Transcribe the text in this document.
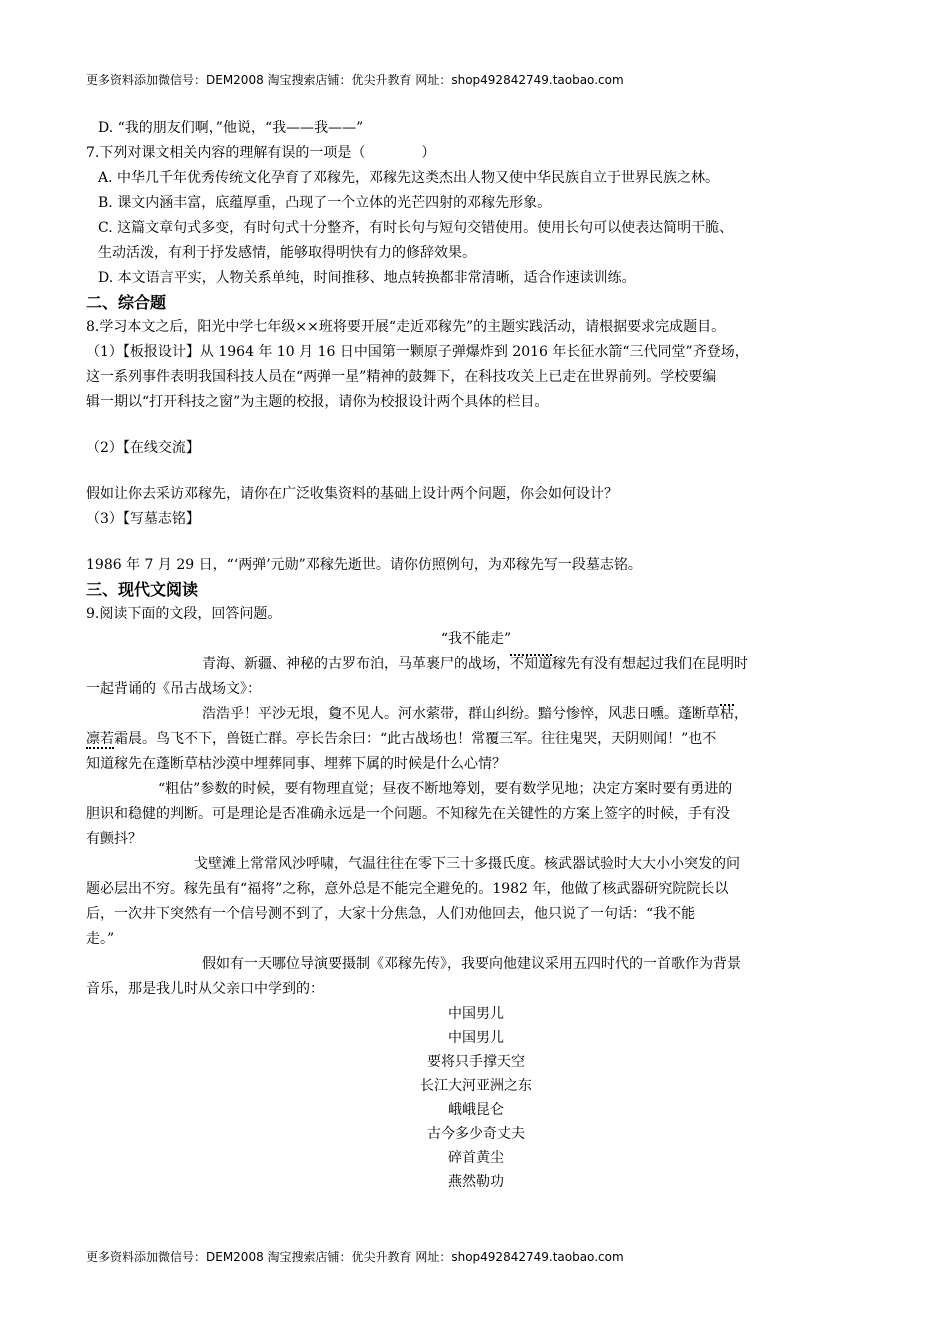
更多资料添加微信号：DEM2008 淘宝搜索店铺：优尖升教育 网址：shop492842749.taobao.com

D. “我的朋友们啊，”他说，“我——我——”

7.下列对课文相关内容的理解有误的一项是（　　　　）

A. 中华几千年优秀传统文化孕育了邓稼先，邓稼先这类杰出人物又使中华民族自立于世界民族之林。

B. 课文内涵丰富，底蕴厚重，凸现了一个立体的光芒四射的邓稼先形象。

C. 这篇文章句式多变，有时句式十分整齐，有时长句与短句交错使用。使用长句可以使表达简明干脆、

生动活泼，有利于抒发感情，能够取得明快有力的修辞效果。

D. 本文语言平实，人物关系单纯，时间推移、地点转换都非常清晰，适合作速读训练。

二、综合题

8.学习本文之后，阳光中学七年级××班将要开展“走近邓稼先”的主题实践活动，请根据要求完成题目。

（1）【板报设计】从 1964 年 10 月 16 日中国第一颗原子弹爆炸到 2016 年长征水箭“三代同堂”齐登场，

这一系列事件表明我国科技人员在“两弹一星”精神的鼓舞下，在科技攻关上已走在世界前列。学校要编

辑一期以“打开科技之窗”为主题的校报，请你为校报设计两个具体的栏目。

（2）【在线交流】

假如让你去采访邓稼先，请你在广泛收集资料的基础上设计两个问题，你会如何设计？

（3）【写墓志铭】

1986 年 7 月 29 日，“‘两弹’元勋”邓稼先逝世。请你仿照例句，为邓稼先写一段墓志铭。

三、现代文阅读

9.阅读下面的文段，回答问题。

“我不能走”

青海、新疆、神秘的古罗布泊，马革裹尸的战场，不知道稼先有没有想起过我们在昆明时

一起背诵的《吊古战场文》：

浩浩乎！平沙无垠，敻不见人。河水萦带，群山纠纷。黯兮惨悴，风悲日曛。蓬断草枯，

凛若霜晨。鸟飞不下，兽铤亡群。亭长告余曰：“此古战场也！常覆三军。往往鬼哭，天阴则闻！”也不

知道稼先在蓬断草枯沙漠中埋葬同事、埋葬下属的时候是什么心情？

“粗估”参数的时候，要有物理直觉；昼夜不断地筹划，要有数学见地；决定方案时要有勇进的

胆识和稳健的判断。可是理论是否准确永远是一个问题。不知稼先在关键性的方案上签字的时候，手有没

有颤抖？

戈壁滩上常常风沙呼啸，气温往往在零下三十多摄氏度。核武器试验时大大小小突发的问

题必层出不穷。稼先虽有“福将”之称，意外总是不能完全避免的。1982 年，他做了核武器研究院院长以

后，一次井下突然有一个信号测不到了，大家十分焦急，人们劝他回去，他只说了一句话：“我不能

走。”

假如有一天哪位导演要摄制《邓稼先传》，我要向他建议采用五四时代的一首歌作为背景

音乐，那是我儿时从父亲口中学到的：

中国男儿

中国男儿

要将只手撑天空

长江大河亚洲之东

峨峨昆仑

古今多少奇丈夫

碎首黄尘

燕然勒功

更多资料添加微信号：DEM2008 淘宝搜索店铺：优尖升教育 网址：shop492842749.taobao.com
